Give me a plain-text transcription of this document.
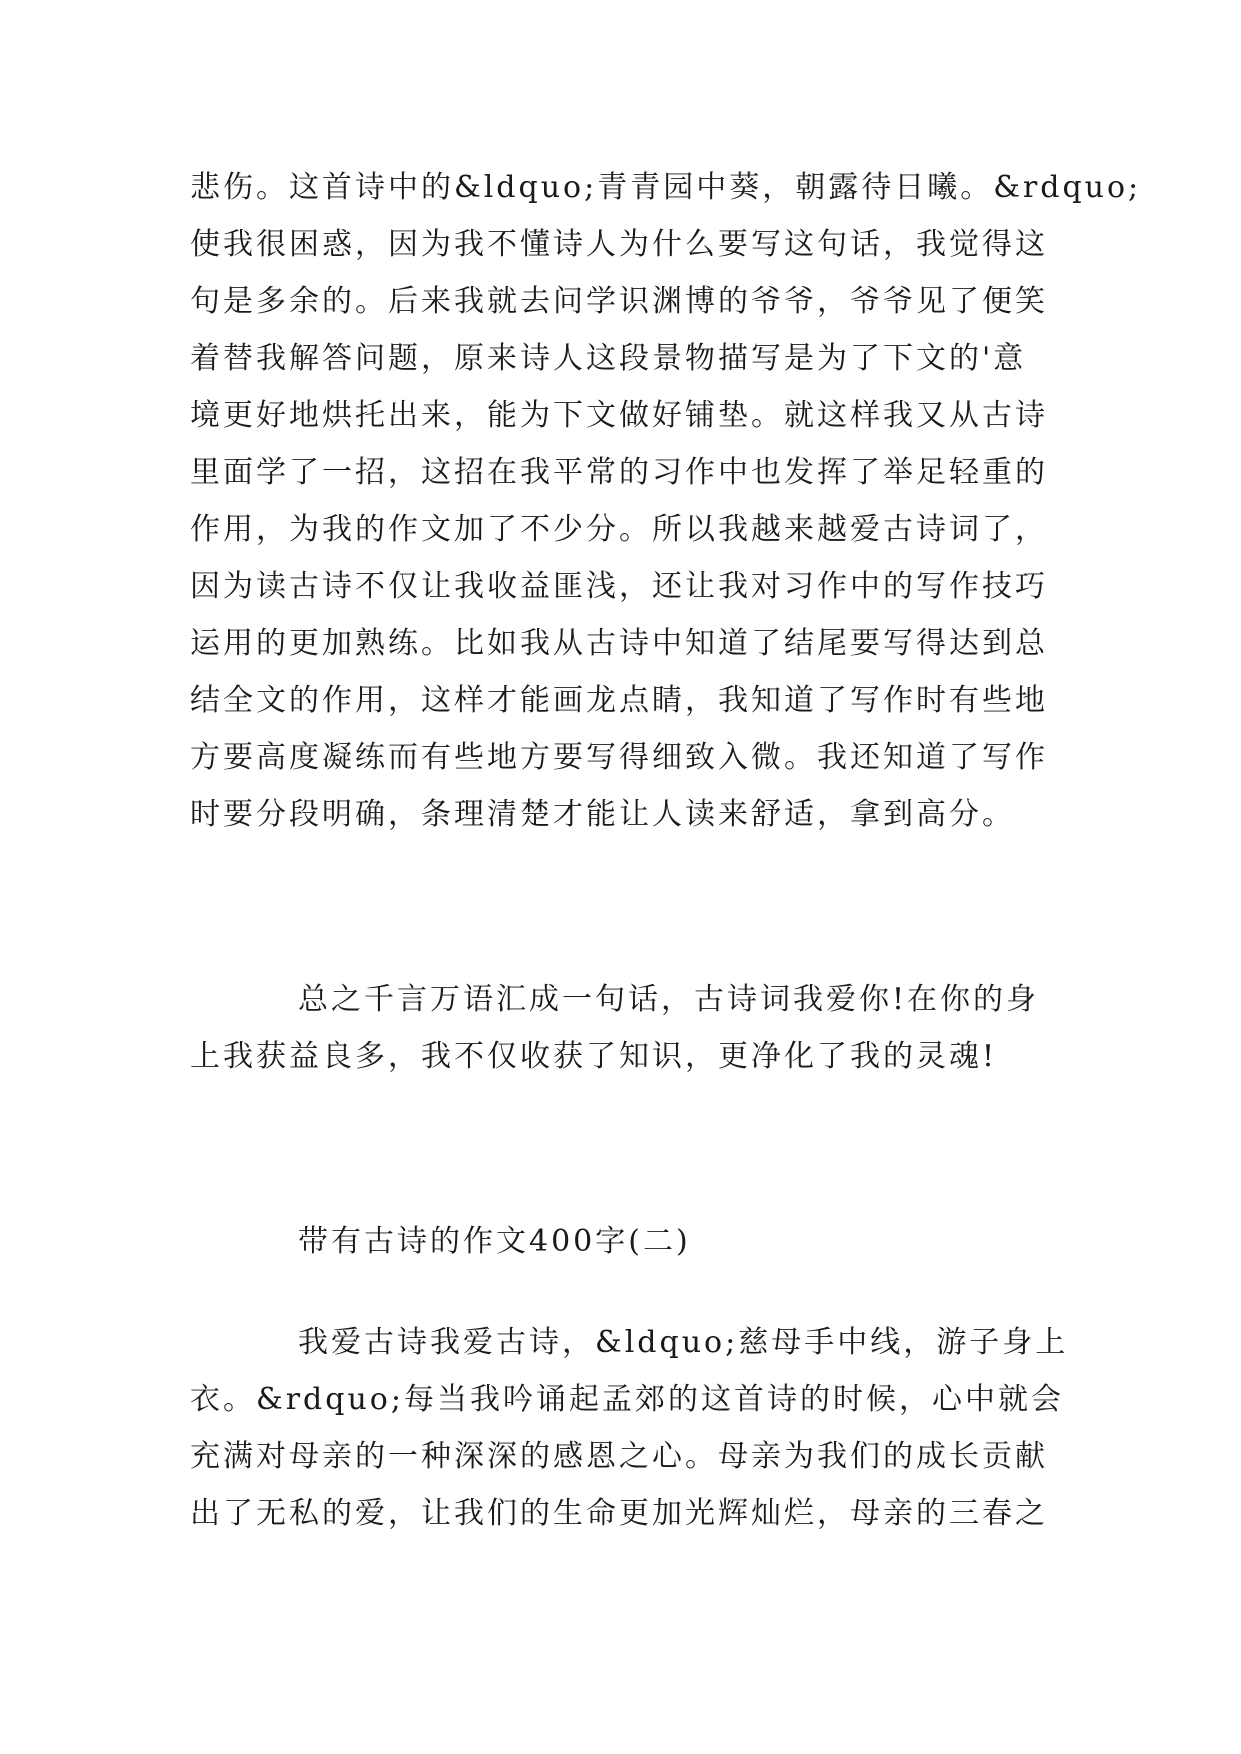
悲伤。这首诗中的&ldquo;青青园中葵，朝露待日曦。&rdquo;
使我很困惑，因为我不懂诗人为什么要写这句话，我觉得这
句是多余的。后来我就去问学识渊博的爷爷，爷爷见了便笑
着替我解答问题，原来诗人这段景物描写是为了下文的'意
境更好地烘托出来，能为下文做好铺垫。就这样我又从古诗
里面学了一招，这招在我平常的习作中也发挥了举足轻重的
作用，为我的作文加了不少分。所以我越来越爱古诗词了，
因为读古诗不仅让我收益匪浅，还让我对习作中的写作技巧
运用的更加熟练。比如我从古诗中知道了结尾要写得达到总
结全文的作用，这样才能画龙点睛，我知道了写作时有些地
方要高度凝练而有些地方要写得细致入微。我还知道了写作
时要分段明确，条理清楚才能让人读来舒适，拿到高分。
总之千言万语汇成一句话，古诗词我爱你!在你的身
上我获益良多，我不仅收获了知识，更净化了我的灵魂!
带有古诗的作文400字(二)
我爱古诗我爱古诗，&ldquo;慈母手中线，游子身上
衣。&rdquo;每当我吟诵起孟郊的这首诗的时候，心中就会
充满对母亲的一种深深的感恩之心。母亲为我们的成长贡献
出了无私的爱，让我们的生命更加光辉灿烂，母亲的三春之
